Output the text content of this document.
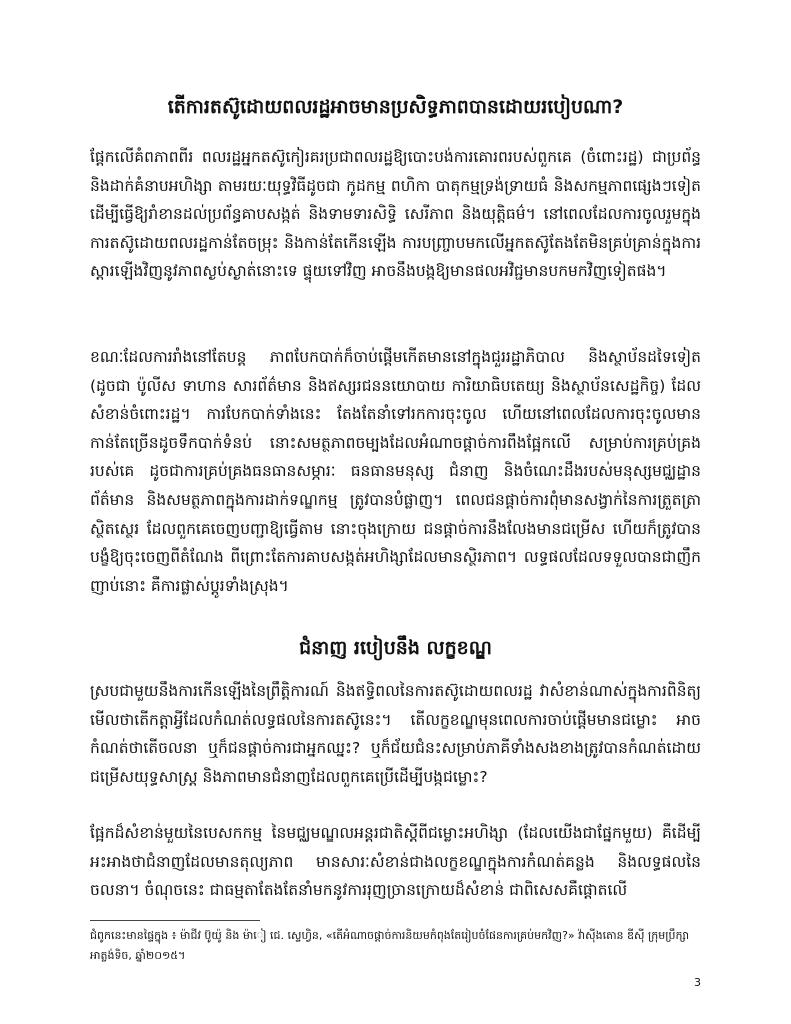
តើការតស៊ូដោយពលរដ្ឋអាចមានប្រសិទ្ធភាពបានដោយរបៀបណា?
ផ្ដែកលើគំពភាពពីរ ពលរដ្ឋអ្នកតស៊ូកៀរគរប្រជាពលរដ្ឋឱ្យបោះបង់ការគោរពរបស់ពួកគេ (ចំពោះរដ្ឋ) ជាប្រព័ន្ធ និងដាក់គំនាបអហិង្សា តាមរយៈយុទ្ធវិធីដូចជា កូដកម្ម ពហិកា បាតុកម្មទ្រង់ទ្រាយធំ និងសកម្មភាពផ្សេងៗទៀត ដើម្បីធ្វើឱ្យរាំខានដល់ប្រព័ន្ធគាបសង្កត់ និងទាមទារសិទ្ធិ សេរីភាព និងយុត្តិធម៌។ នៅពេលដែលការចូលរួមក្នុងការតស៊ូដោយពលរដ្ឋកាន់តែចម្រុះ និងកាន់តែកើនឡើង ការបញ្ច្រាបមកលើអ្នកតស៊ូតែងតែមិនគ្រប់គ្រាន់ក្នុងការស្ដារឡើងវិញនូវភាពស្ងប់ស្ងាត់នោះទេ ផ្ទុយទៅវិញ អាចនឹងបង្កឱ្យមានផលអវិជ្ជមានបកមកវិញទៀតផង។
ខណៈដែលការរាំងនៅតែបន្ត ភាពបែកបាក់ក៏ចាប់ផ្ដើមកើតមាននៅក្នុងជួររដ្ឋាភិបាល និងស្ថាប័នដទៃទៀត (ដូចជា ប៉ូលីស ទាហាន សារព័ត៌មាន និងឥស្សរជននយោបាយ ការិយាធិបតេយ្យ និងស្ថាប័នសេដ្ឋកិច្ច) ដែលសំខាន់ចំពោះរដ្ឋ។ ការបែកបាក់ទាំងនេះ តែងតែនាំទៅរកការចុះចូល ហើយនៅពេលដែលការចុះចូលមានកាន់តែច្រើនដូចទឹកបាក់ទំនប់ នោះសមត្ថភាពចម្បងដែលអំណាចផ្ដាច់ការពឹងផ្អែកលើ សម្រាប់ការគ្រប់គ្រងរបស់គេ ដូចជាការគ្រប់គ្រងធនធានសម្ភារៈ ធនធានមនុស្ស ជំនាញ និងចំណេះដឹងរបស់មនុស្សមជ្ឈដ្ឋានព័ត៌មាន និងសមត្ថភាពក្នុងការដាក់ទណ្ឌកម្ម ត្រូវបានបំផ្លាញ។ ពេលជនផ្ដាច់ការពុំមានសង្វាក់នៃការត្រួតត្រាស្ថិតស្ថេរ ដែលពួកគេចេញបញ្ជាឱ្យធ្វើតាម នោះចុងក្រោយ ជនផ្ដាច់ការនឹងលែងមានជម្រើស ហើយក៏ត្រូវបានបង្ខំឱ្យចុះចេញពីតំណែង ពីព្រោះតែការគាបសង្កត់អហិង្សាដែលមានស្ថិរភាព។ លទ្ធផលដែលទទួលបានជាញឹកញាប់នោះ គឺការផ្លាស់ប្ដូរទាំងស្រុង។
ជំនាញ របៀបនឹង លក្ខខណ្ឌ
ស្របជាមួយនឹងការកើនឡើងនៃព្រឹត្តិការណ៍ និងឥទ្ធិពលនៃការតស៊ូដោយពលរដ្ឋ វាសំខាន់ណាស់ក្នុងការពិនិត្យមើលថាតើកត្តាអ្វីដែលកំណត់លទ្ធផលនៃការតស៊ូនេះ។ តើលក្ខខណ្ឌមុនពេលការចាប់ផ្ដើមមានជម្លោះ អាចកំណត់ថាតើចលនា ឬក៏ជនផ្ដាច់ការជាអ្នកឈ្នះ? ឬក៏ជ័យជំនះសម្រាប់ភាគីទាំងសងខាងត្រូវបានកំណត់ដោយជម្រើសយុទ្ធសាស្ត្រ និងភាពមានជំនាញដែលពួកគេប្រើដើម្បីបង្កជម្លោះ?
ផ្អែកដ៏សំខាន់មួយនៃបេសកកម្ម នៃមជ្ឈមណ្ឌលអន្តរជាតិស្ដីពីជម្លោះអហិង្សា (ដែលយើងជាផ្នែកមួយ) គឺដើម្បីអះអាងថាជំនាញដែលមានតុល្យភាព មានសារៈសំខាន់ជាងលក្ខខណ្ឌក្នុងការកំណត់គន្លង និងលទ្ធផលនៃចលនា។ ចំណុចនេះ ជាធម្មតាតែងតែនាំមកនូវការរុញច្រានក្រោយដ៏សំខាន់ ជាពិសេសគឺផ្ដោតលើ
ជំពូកនេះមានផ្ទៃក្នុង ៖ ម៉ាជីវ ប៊ូយ៉ូ និង ម៉ាៀ ជេ. ស្ទេហ្វិន, «តើអំណាចផ្ដាច់ការនិយមកំពុងតែរៀបចំផែនការគ្រប់មកវិញ?» វ៉ាស៊ីងតោន ឌីស៊ី ក្រុមប្រឹក្សាអាត្លង់ទិច, ឆ្នាំ២០១៥។
3
